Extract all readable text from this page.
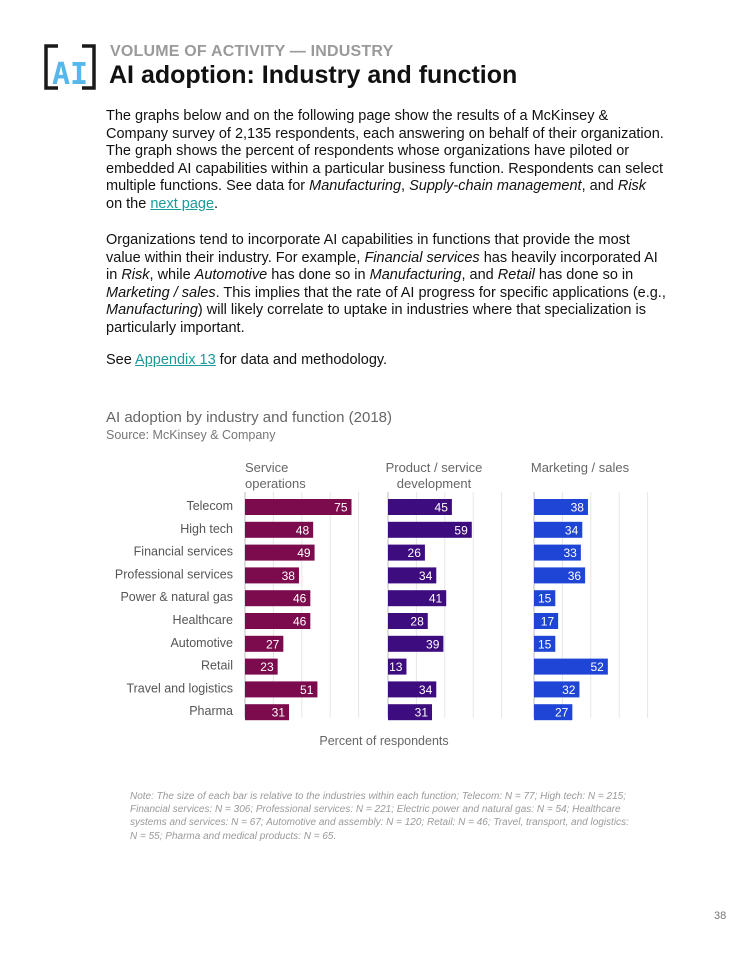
AI
VOLUME OF ACTIVITY — INDUSTRY
AI adoption: Industry and function
The graphs below and on the following page show the results of a McKinsey & Company survey of 2,135 respondents, each answering on behalf of their organization. The graph shows the percent of respondents whose organizations have piloted or embedded AI capabilities within a particular business function. Respondents can select multiple functions. See data for Manufacturing, Supply-chain management, and Risk on the next page.
Organizations tend to incorporate AI capabilities in functions that provide the most value within their industry. For example, Financial services has heavily incorporated AI in Risk, while Automotive has done so in Manufacturing, and Retail has done so in Marketing / sales. This implies that the rate of AI progress for specific applications (e.g., Manufacturing) will likely correlate to uptake in industries where that specialization is particularly important.
See Appendix 13 for data and methodology.
AI adoption by industry and function (2018)
Source: McKinsey & Company
Telecom
High tech
Financial services
Professional services
Power & natural gas
Healthcare
Automotive
Retail
Travel and logistics
Pharma
Service
operations
75
48
49
38
46
46
27
23
51
31
Product / service
development
45
59
26
34
41
28
39
13
34
31
Marketing / sales
38
34
33
36
15
17
15
52
32
27
Percent of respondents
Note: The size of each bar is relative to the industries within each function; Telecom: N = 77; High tech: N = 215; Financial services: N = 306; Professional services: N = 221; Electric power and natural gas: N = 54; Healthcare systems and services: N = 67; Automotive and assembly: N = 120; Retail: N = 46; Travel, transport, and logistics: N = 55; Pharma and medical products: N = 65.
38
